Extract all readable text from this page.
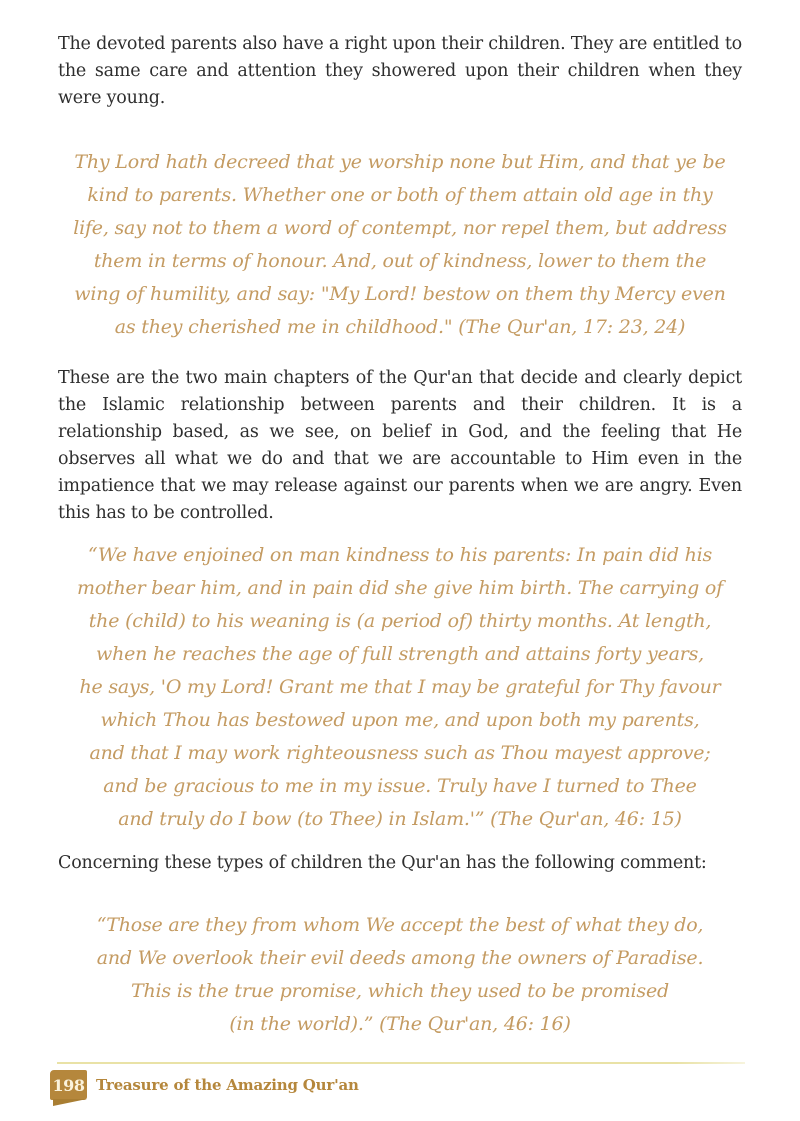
The devoted parents also have a right upon their children. They are entitled to the same care and attention they showered upon their children when they were young.

Thy Lord hath decreed that ye worship none but Him, and that ye be
kind to parents. Whether one or both of them attain old age in thy
life, say not to them a word of contempt, nor repel them, but address
them in terms of honour. And, out of kindness, lower to them the
wing of humility, and say: "My Lord! bestow on them thy Mercy even
as they cherished me in childhood." (The Qur'an, 17: 23, 24)

These are the two main chapters of the Qur'an that decide and clearly depict the Islamic relationship between parents and their children. It is a relationship based, as we see, on belief in God, and the feeling that He observes all what we do and that we are accountable to Him even in the impatience that we may release against our parents when we are angry. Even this has to be controlled.

“We have enjoined on man kindness to his parents: In pain did his
mother bear him, and in pain did she give him birth. The carrying of
the (child) to his weaning is (a period of) thirty months. At length,
when he reaches the age of full strength and attains forty years,
he says, 'O my Lord! Grant me that I may be grateful for Thy favour
which Thou has bestowed upon me, and upon both my parents,
and that I may work righteousness such as Thou mayest approve;
and be gracious to me in my issue. Truly have I turned to Thee
and truly do I bow (to Thee) in Islam.'” (The Qur'an, 46: 15)

Concerning these types of children the Qur'an has the following comment:

“Those are they from whom We accept the best of what they do,
and We overlook their evil deeds among the owners of Paradise.
This is the true promise, which they used to be promised
(in the world).” (The Qur'an, 46: 16)
198 Treasure of the Amazing Qur'an
